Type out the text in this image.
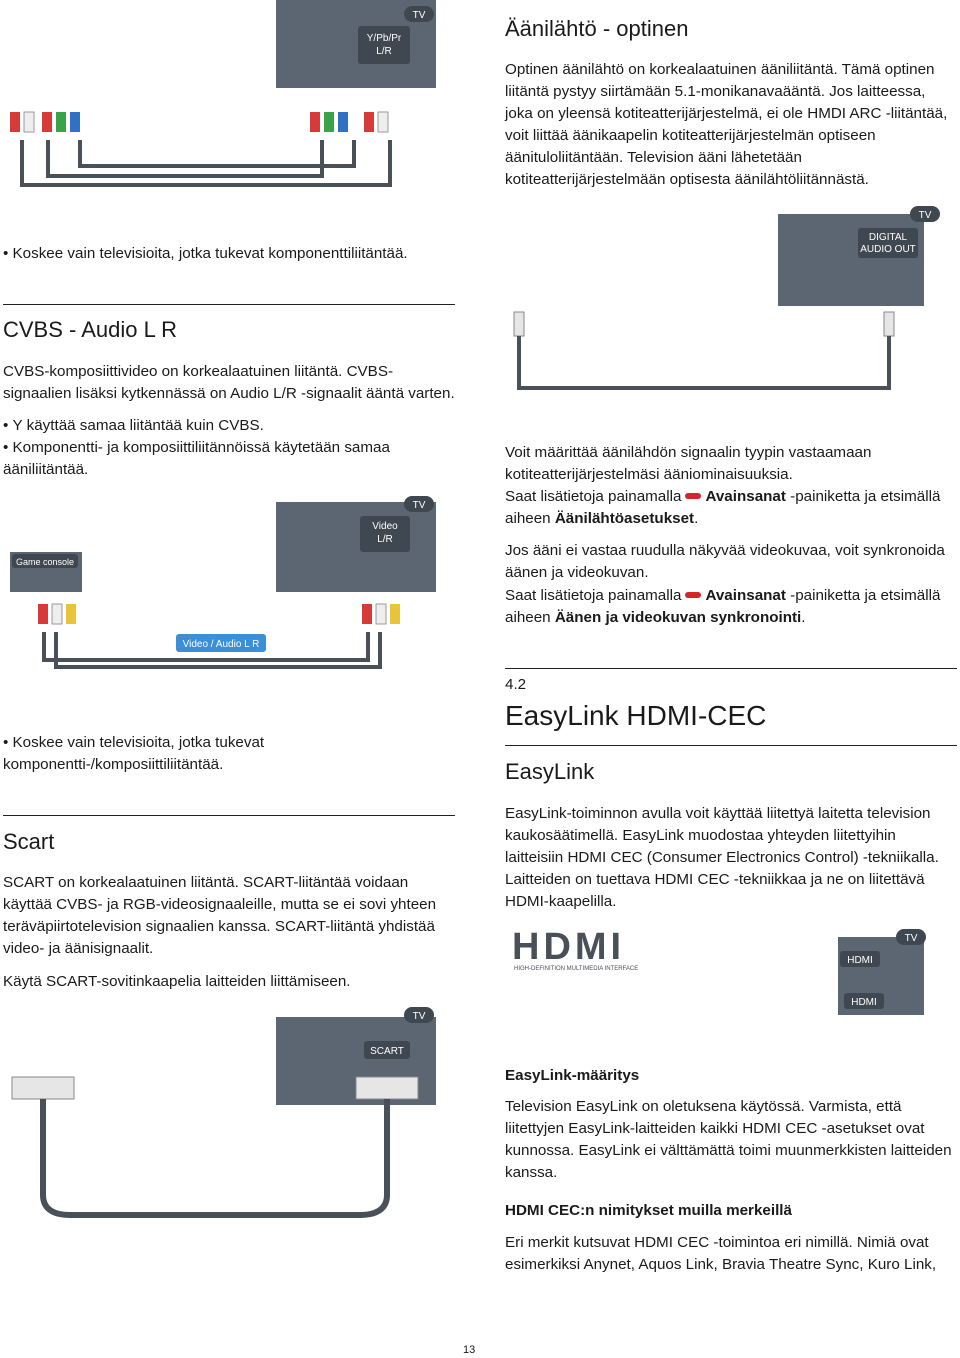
Y/Pb/Pr
L/R
TV

• Koskee vain televisioita, jotka tukevat komponenttiliitäntää.

CVBS - Audio L R

CVBS-komposiittivideo on korkealaatuinen liitäntä. CVBS-signaalien lisäksi kytkennässä on Audio L/R -signaalit ääntä varten.

• Y käyttää samaa liitäntää kuin CVBS.

• Komponentti- ja komposiittiliitännöissä käytetään samaa ääniliitäntää.

Video
L/R
TV
Game console
Video / Audio L R

• Koskee vain televisioita, jotka tukevat komponentti-/komposiittiliitäntää.

Scart

SCART on korkealaatuinen liitäntä. SCART-liitäntää voidaan käyttää CVBS- ja RGB-videosignaaleille, mutta se ei sovi yhteen teräväpiirtotelevision signaalien kanssa. SCART-liitäntä yhdistää video- ja äänisignaalit.

Käytä SCART-sovitinkaapelia laitteiden liittämiseen.

SCART
TV
Äänilähtö - optinen

Optinen äänilähtö on korkealaatuinen ääniliitäntä. Tämä optinen liitäntä pystyy siirtämään 5.1-monikanavaääntä. Jos laitteessa, joka on yleensä kotiteatterijärjestelmä, ei ole HMDI ARC -liitäntää, voit liittää äänikaapelin kotiteatterijärjestelmän optiseen äänituloliitäntään. Television ääni lähetetään kotiteatterijärjestelmään optisesta äänilähtöliitännästä.

DIGITAL
AUDIO OUT
TV

Voit määrittää äänilähdön signaalin tyypin vastaamaan kotiteatterijärjestelmäsi ääniominaisuuksia.

Saat lisätietoja painamalla Avainsanat -painiketta ja etsimällä aiheen Äänilähtöasetukset.

Jos ääni ei vastaa ruudulla näkyvää videokuvaa, voit synkronoida äänen ja videokuvan.

Saat lisätietoja painamalla Avainsanat -painiketta ja etsimällä aiheen Äänen ja videokuvan synkronointi.

4.2
EasyLink HDMI-CEC
EasyLink

EasyLink-toiminnon avulla voit käyttää liitettyä laitetta television kaukosäätimellä. EasyLink muodostaa yhteyden liitettyihin laitteisiin HDMI CEC (Consumer Electronics Control) -tekniikalla. Laitteiden on tuettava HDMI CEC -tekniikkaa ja ne on liitettävä HDMI-kaapelilla.

HDMI
HIGH-DEFINITION MULTIMEDIA INTERFACE
TV
HDMI
HDMI

EasyLink-määritys

Television EasyLink on oletuksena käytössä. Varmista, että liitettyjen EasyLink-laitteiden kaikki HDMI CEC -asetukset ovat kunnossa. EasyLink ei välttämättä toimi muunmerkkisten laitteiden kanssa.

HDMI CEC:n nimitykset muilla merkeillä

Eri merkit kutsuvat HDMI CEC -toimintoa eri nimillä. Nimiä ovat esimerkiksi Anynet, Aquos Link, Bravia Theatre Sync, Kuro Link,

13
